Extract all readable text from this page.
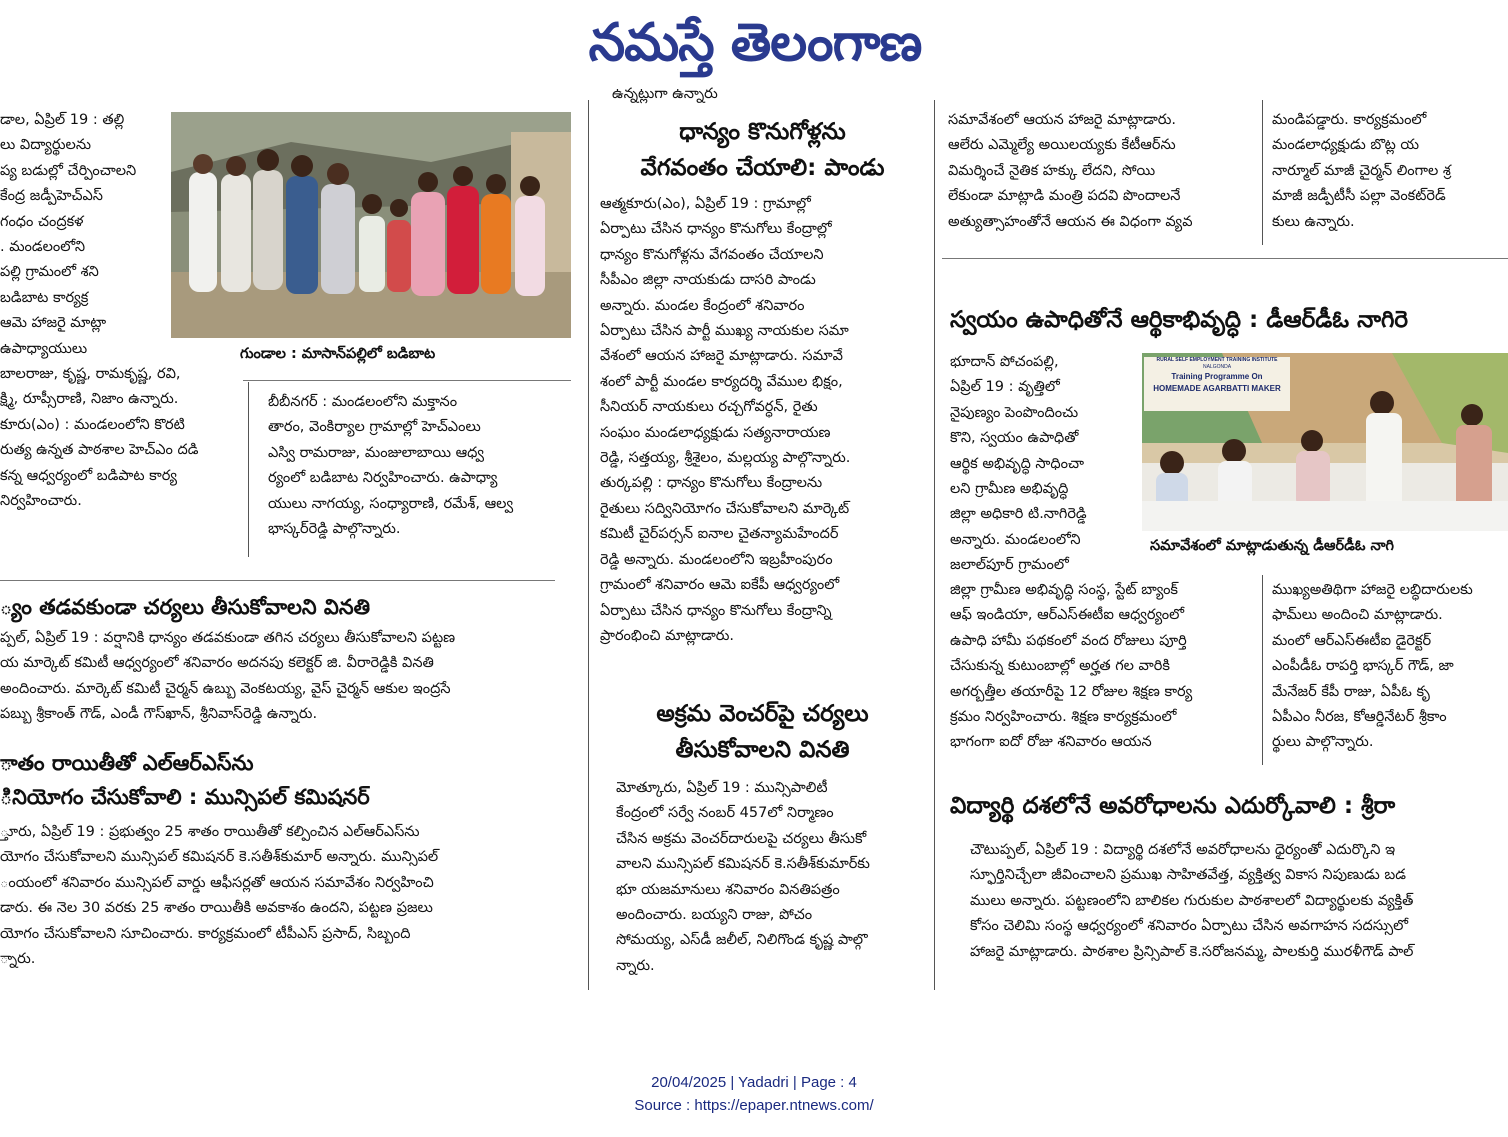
నమస్తే తెలంగాణ
డాల, ఏప్రిల్ 19 : తల్లి
లు విద్యార్థులను
ప్య బడుల్లో చేర్పించాలని
కేంద్ర జడ్పీహెచ్ఎస్
గంధం చంద్రకళ
. మండలంలోని
పల్లి గ్రామంలో శని
బడిబాట కార్యక్ర
ఆమె హాజరై మాట్లా
ఉపాధ్యాయులు
బాలరాజు, కృష్ణ, రామకృష్ణ, రవి,
క్ష్మి, రూప్సీరాణి, నిజాం ఉన్నారు.
కూరు(ఎం) : మండలంలోని కొరటి
రుత్య ఉన్నత పాఠశాల హెచ్ఎం దడి
కన్న ఆధ్వర్యంలో బడిపాట కార్య
నిర్వహించారు.
గుండాల : మాసాన్‌పల్లిలో బడిబాట
బీబీనగర్ : మండలంలోని మక్తానం
తారం, వెంకిర్యాల గ్రామాల్లో హెచ్ఎంలు
ఎస్వి రామరాజు, మంజులాబాయి ఆధ్వ
ర్యంలో బడిబాట నిర్వహించారు. ఉపాధ్యా
యులు నాగయ్య, సంధ్యారాణి, రమేశ్, ఆల్వ
భాస్కర్‌రెడ్డి పాల్గొన్నారు.
్యం తడవకుండా చర్యలు తీసుకోవాలని వినతి
ప్పల్, ఏప్రిల్ 19 : వర్షానికి ధాన్యం తడవకుండా తగిన చర్యలు తీసుకోవాలని పట్టణ
య మార్కెట్ కమిటీ ఆధ్వర్యంలో శనివారం అదనపు కలెక్టర్ జి. వీరారెడ్డికి వినతి
అందించారు. మార్కెట్ కమిటీ చైర్మన్ ఉబ్బు వెంకటయ్య, వైస్ చైర్మన్ ఆకుల ఇంద్రసే
పబ్బు శ్రీకాంత్ గౌడ్, ఎండీ గౌస్‌ఖాన్, శ్రీనివాస్‌రెడ్డి ఉన్నారు.
ాతం రాయితీతో ఎల్ఆర్ఎస్‌ను
ినియోగం చేసుకోవాలి : మున్సిపల్ కమిషనర్
్తూరు, ఏప్రిల్ 19 : ప్రభుత్వం 25 శాతం రాయితీతో కల్పించిన ఎల్ఆర్ఎస్‌ను
యోగం చేసుకోవాలని మున్సిపల్ కమిషనర్ కె.సతీశ్‌కుమార్ అన్నారు. మున్సిపల్
ంయంలో శనివారం మున్సిపల్ వార్డు ఆఫీసర్లతో ఆయన సమావేశం నిర్వహించి
డారు. ఈ నెల 30 వరకు 25 శాతం రాయితీకి అవకాశం ఉందని, పట్టణ ప్రజలు
యోగం చేసుకోవాలని సూచించారు. కార్యక్రమంలో టీపీఎస్ ప్రసాద్, సిబ్బంది
్నారు.
ఉన్నట్లుగా ఉన్నారు
ధాన్యం కొనుగోళ్లను
వేగవంతం చేయాలి: పాండు
ఆత్మకూరు(ఎం), ఏప్రిల్ 19 : గ్రామాల్లో
ఏర్పాటు చేసిన ధాన్యం కొనుగోలు కేంద్రాల్లో
ధాన్యం కొనుగోళ్లను వేగవంతం చేయాలని
సీపీఎం జిల్లా నాయకుడు దాసరి పాండు
అన్నారు. మండల కేంద్రంలో శనివారం
ఏర్పాటు చేసిన పార్టీ ముఖ్య నాయకుల సమా
వేశంలో ఆయన హాజరై మాట్లాడారు. సమావే
శంలో పార్టీ మండల కార్యదర్శి వేముల భిక్షం,
సీనియర్ నాయకులు రచ్చగోవర్ధన్, రైతు
సంఘం మండలాధ్యక్షుడు సత్యనారాయణ
రెడ్డి, సత్తయ్య, శ్రీశైలం, మల్లయ్య పాల్గొన్నారు.
తుర్కపల్లి : ధాన్యం కొనుగోలు కేంద్రాలను
రైతులు సద్వినియోగం చేసుకోవాలని మార్కెట్
కమిటీ చైర్‌పర్సన్ ఐనాల చైతన్యామహేందర్
రెడ్డి అన్నారు. మండలంలోని ఇబ్రహీంపురం
గ్రామంలో శనివారం ఆమె ఐకేపీ ఆధ్వర్యంలో
ఏర్పాటు చేసిన ధాన్యం కొనుగోలు కేంద్రాన్ని
ప్రారంభించి మాట్లాడారు.
అక్రమ వెంచర్‌పై చర్యలు
తీసుకోవాలని వినతి
మోత్కూరు, ఏప్రిల్ 19 : మున్సిపాలిటీ
కేంద్రంలో సర్వే నంబర్ 457లో నిర్మాణం
చేసిన అక్రమ వెంచర్‌దారులపై చర్యలు తీసుకో
వాలని మున్సిపల్ కమిషనర్ కె.సతీశ్‌కుమార్‌కు
భూ యజమానులు శనివారం వినతిపత్రం
అందించారు. బయ్యని రాజు, పోచం
సోమయ్య, ఎస్‌డీ జలీల్, నిలిగొండ కృష్ణ పాల్గొ
న్నారు.
సమావేశంలో ఆయన హాజరై మాట్లాడారు.
ఆలేరు ఎమ్మెల్యే అయిలయ్యకు కేటీఆర్‌ను
విమర్శించే నైతిక హక్కు లేదని, సోయి
లేకుండా మాట్లాడి మంత్రి పదవి పొందాలనే
అత్యుత్సాహంతోనే ఆయన ఈ విధంగా వ్యవ
మండిపడ్డారు. కార్యక్రమంలో
మండలాధ్యక్షుడు బొట్ల య
నార్మూల్ మాజీ చైర్మన్ లింగాల శ్ర
మాజీ జడ్పీటీసీ పల్లా వెంకట్‌రెడ్
కులు ఉన్నారు.
స్వయం ఉపాధితోనే ఆర్థికాభివృద్ధి : డీఆర్‌డీఓ నాగిరె
భూదాన్ పోచంపల్లి,
ఏప్రిల్ 19 : వృత్తిలో
నైపుణ్యం పెంపొందించు
కొని, స్వయం ఉపాధితో
ఆర్థిక అభివృద్ధి సాధించా
లని గ్రామీణ అభివృద్ధి
జిల్లా అధికారి టి.నాగిరెడ్డి
అన్నారు. మండలంలోని
జలాల్‌పూర్ గ్రామంలో
RURAL SELF EMPLOYMENT TRAINING INSTITUTE
NALGONDA
Training Programme On
HOMEMADE AGARBATTI MAKER
సమావేశంలో మాట్లాడుతున్న డీఆర్‌డీఓ నాగి
జిల్లా గ్రామీణ అభివృద్ధి సంస్థ, స్టేట్ బ్యాంక్
ఆఫ్ ఇండియా, ఆర్ఎస్ఈటీఐ ఆధ్వర్యంలో
ఉపాధి హామీ పథకంలో వంద రోజులు పూర్తి
చేసుకున్న కుటుంబాల్లో అర్హత గల వారికి
అగర్బత్తీల తయారీపై 12 రోజుల శిక్షణ కార్య
క్రమం నిర్వహించారు. శిక్షణ కార్యక్రమంలో
భాగంగా ఐదో రోజు శనివారం ఆయన
ముఖ్యఅతిథిగా హాజరై లబ్ధిదారులకు
ఫామ్‌లు అందించి మాట్లాడారు.
మంలో ఆర్ఎస్ఈటీఐ డైరెక్టర్
ఎంపీడీఓ రాపర్తి భాస్కర్ గౌడ్, జా
మేనేజర్ కేపీ రాజు, ఏపీఓ కృ
ఏపీఎం నీరజ, కోఆర్డినేటర్ శ్రీకాం
ర్థులు పాల్గొన్నారు.
విద్యార్థి దశలోనే అవరోధాలను ఎదుర్కోవాలి : శ్రీరా
చౌటుప్పల్, ఏప్రిల్ 19 : విద్యార్థి దశలోనే అవరోధాలను ధైర్యంతో ఎదుర్కొని ఇ
స్ఫూర్తినిచ్చేలా జీవించాలని ప్రముఖ సాహితవేత్త, వ్యక్తిత్వ వికాస నిపుణుడు బడ
ములు అన్నారు. పట్టణంలోని బాలికల గురుకుల పాఠశాలలో విద్యార్థులకు వ్యక్తిత్
కోసం చెలిమి సంస్థ ఆధ్వర్యంలో శనివారం ఏర్పాటు చేసిన అవగాహన సదస్సులో
హాజరై మాట్లాడారు. పాఠశాల ప్రిన్సిపాల్ కె.సరోజనమ్మ, పాలకుర్తి మురళీగౌడ్ పాల్
20/04/2025 | Yadadri | Page : 4
Source : https://epaper.ntnews.com/
